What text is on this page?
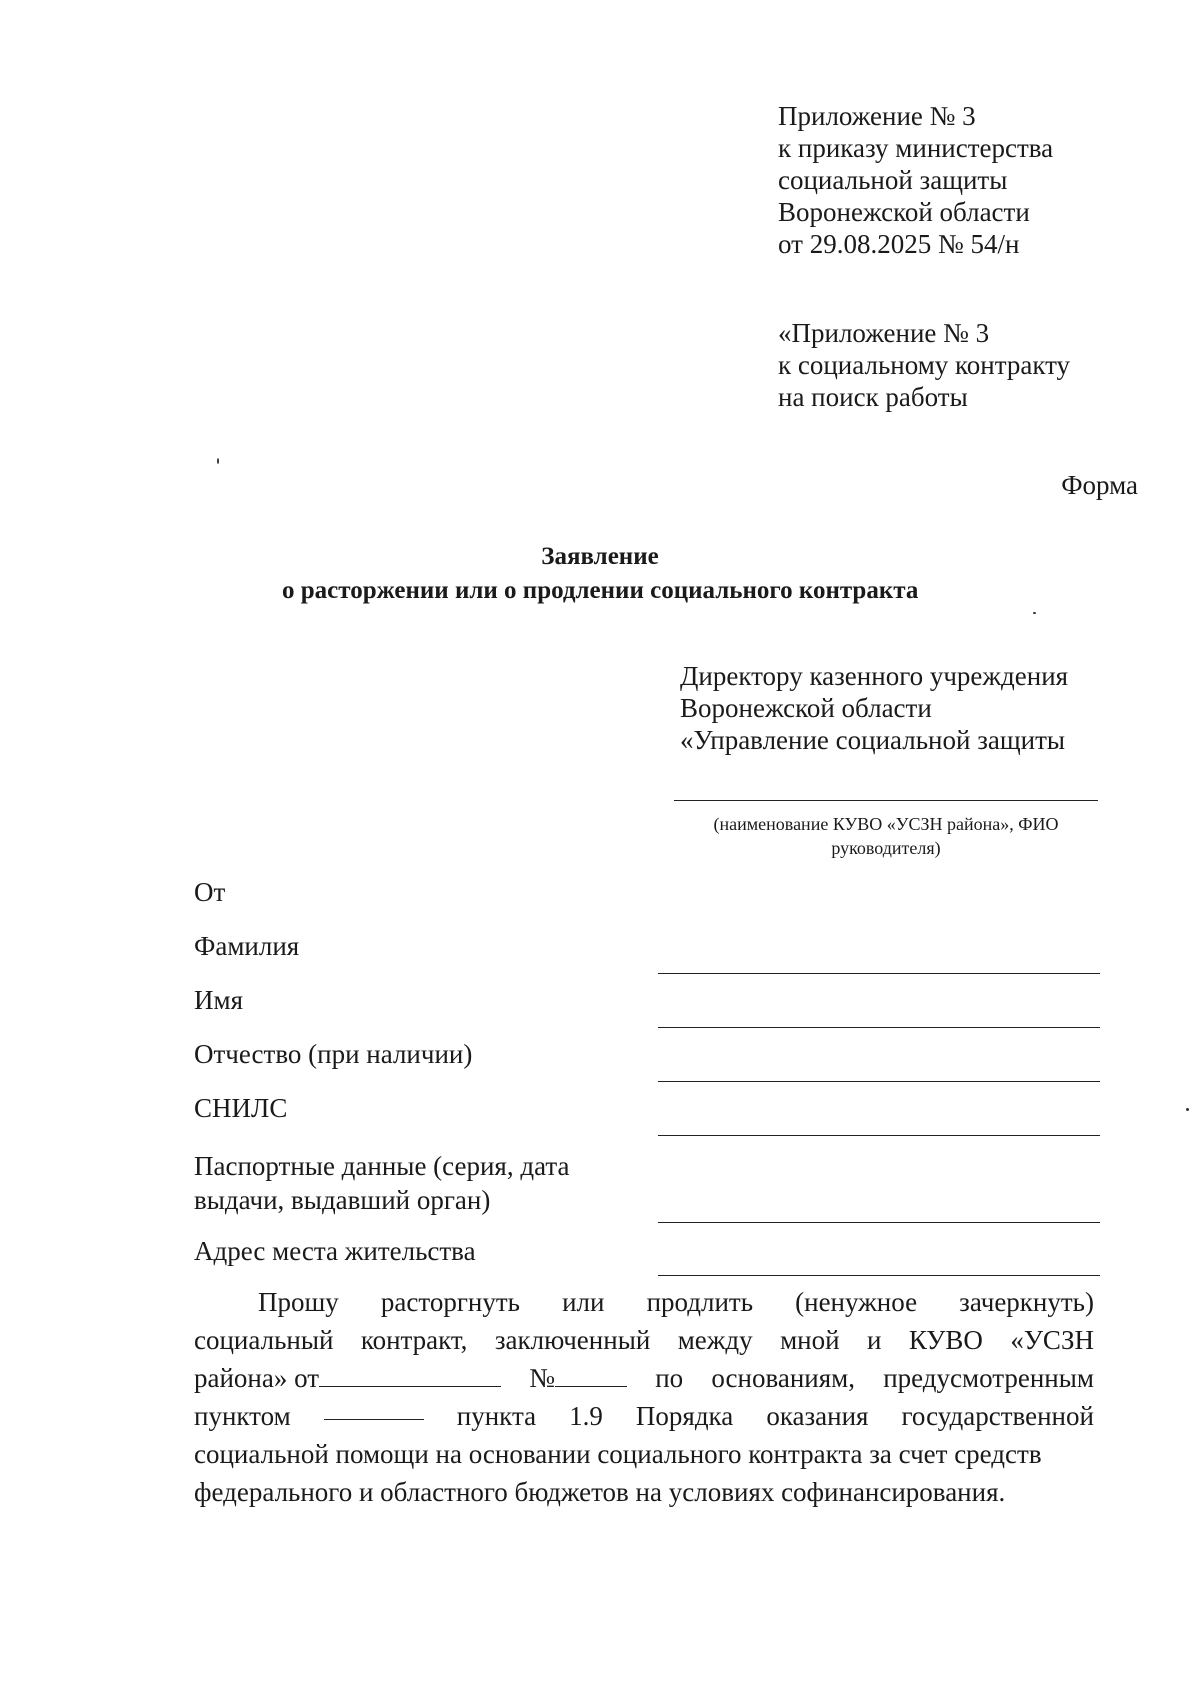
Приложение № 3
к приказу министерства
социальной защиты
Воронежской области
от 29.08.2025 № 54/н
«Приложение № 3
к социальному контракту
на поиск работы
Форма
Заявление
о расторжении или о продлении социального контракта
Директору казенного учреждения
Воронежской области
«Управление социальной защиты
(наименование КУВО «УСЗН района», ФИО
руководителя)
От
Фамилия
Имя
Отчество (при наличии)
СНИЛС
Паспортные данные (серия, дата
выдачи, выдавший орган)
Адрес места жительства
Прошу расторгнуть или продлить (ненужное зачеркнуть)
социальный контракт, заключенный между мной и КУВО «УСЗН
района» от	№	по основаниям, предусмотренным
пунктом	пункта 1.9 Порядка оказания государственной
социальной помощи на основании социального контракта за счет средств
федерального и областного бюджетов на условиях софинансирования.
